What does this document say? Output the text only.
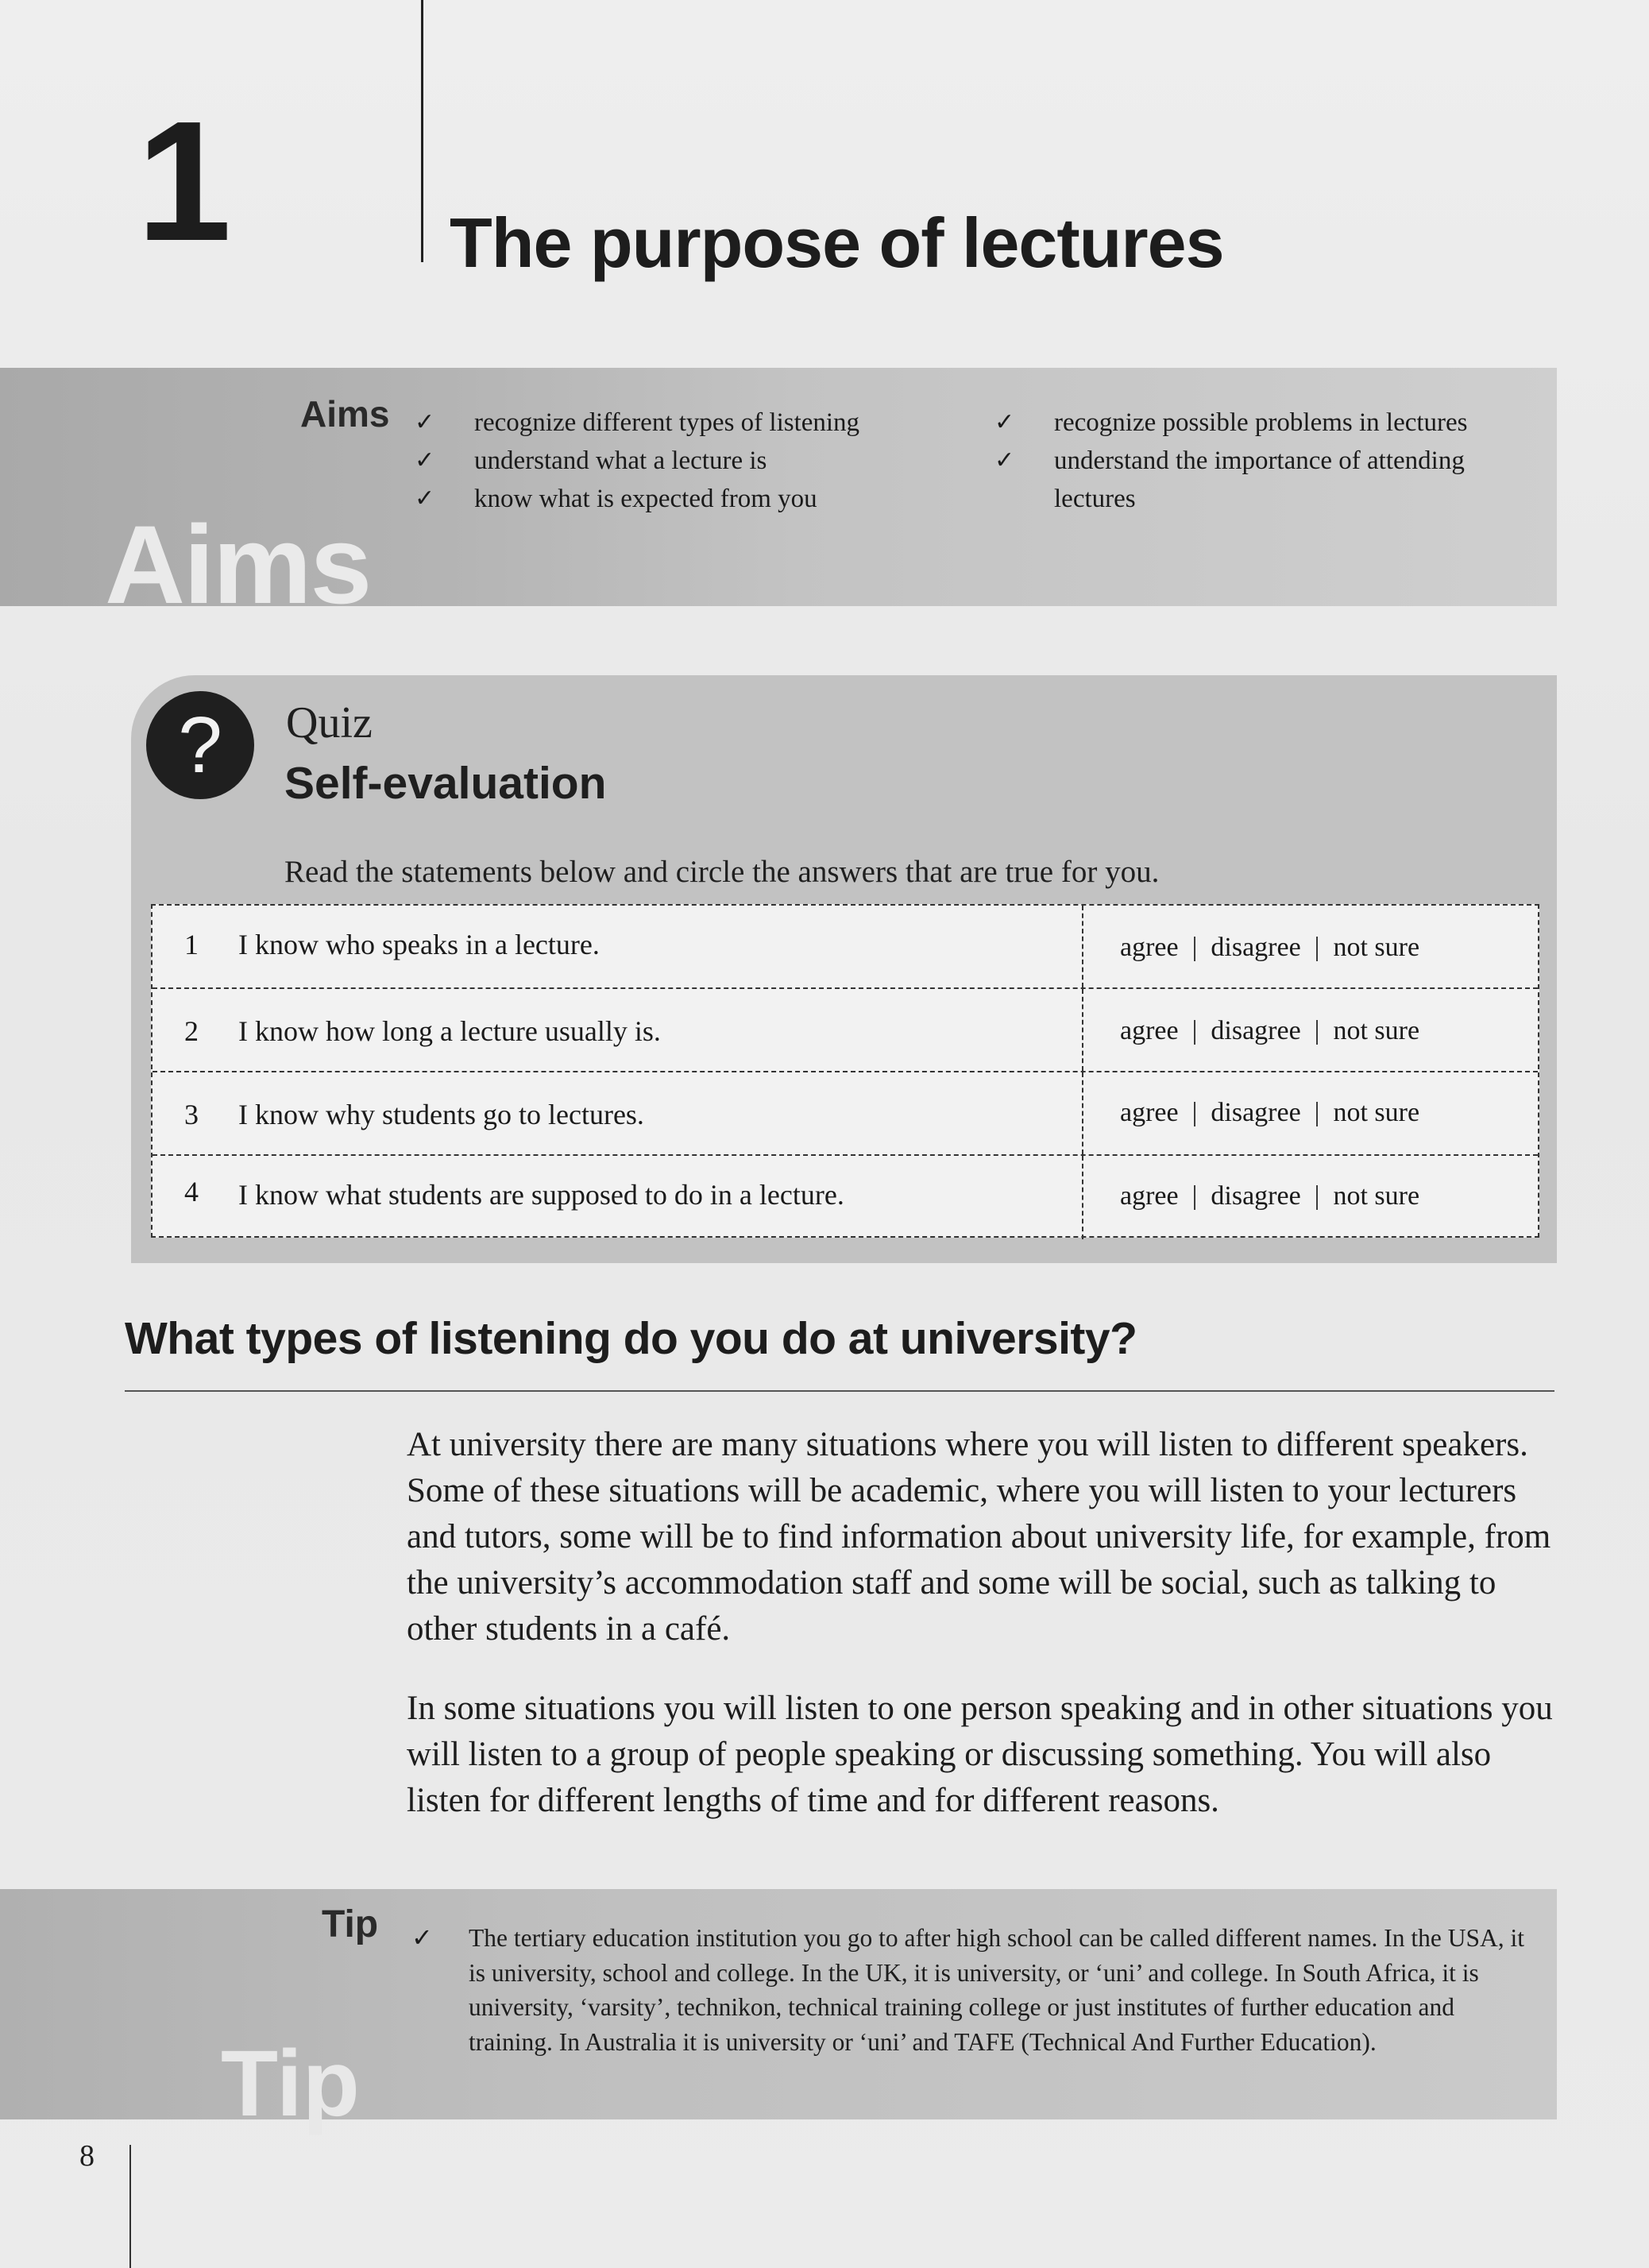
1	The purpose of lectures
Aims
Aims ✓	recognize different types of listening
✓	understand what a lecture is
✓	know what is expected from you
✓	recognize possible problems in lectures
✓	understand the importance of attending lectures
?	Quiz
Self-evaluation
Read the statements below and circle the answers that are true for you.
1 I know who speaks in a lecture.	agree  |  disagree  |  not sure
2 I know how long a lecture usually is.	agree  |  disagree  |  not sure
3 I know why students go to lectures.	agree  |  disagree  |  not sure
4 I know what students are supposed to do in a lecture.	agree  |  disagree  |  not sure
What types of listening do you do at university?
At university there are many situations where you will listen to different speakers. Some of these situations will be academic, where you will listen to your lecturers and tutors, some will be to find information about university life, for example, from the university’s accommodation staff and some will be social, such as talking to other students in a café.
In some situations you will listen to one person speaking and in other situations you will listen to a group of people speaking or discussing something. You will also listen for different lengths of time and for different reasons.
Tip
Tip ✓ The tertiary education institution you go to after high school can be called different names. In the USA, it is university, school and college. In the UK, it is university, or ‘uni’ and college. In South Africa, it is university, ‘varsity’, technikon, technical training college or just institutes of further education and training. In Australia it is university or ‘uni’ and TAFE (Technical And Further Education).
8
